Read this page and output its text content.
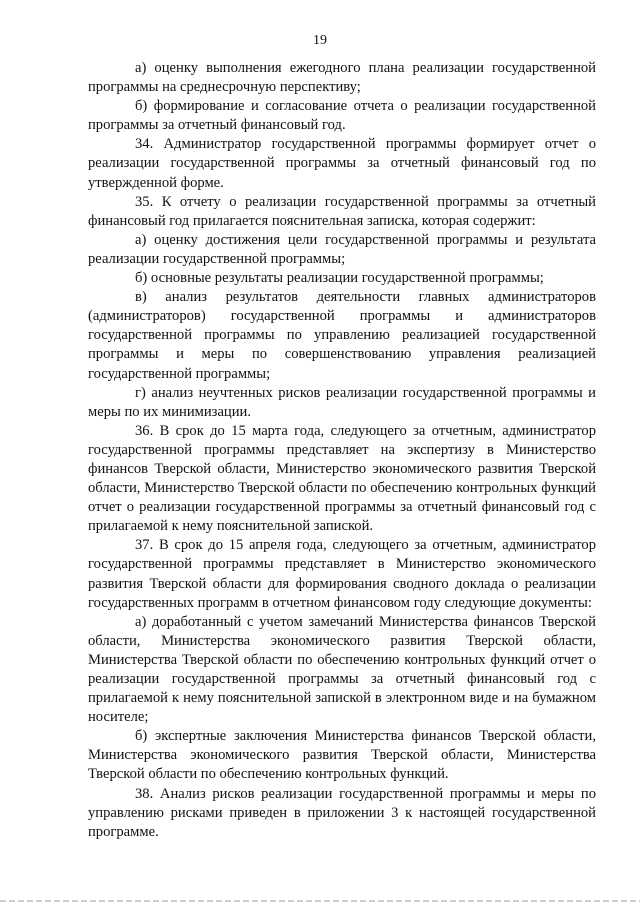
19

а) оценку выполнения ежегодного плана реализации государственной программы на среднесрочную перспективу;

б) формирование и согласование отчета о реализации государственной программы за отчетный финансовый год.

34. Администратор государственной программы формирует отчет о реализации государственной программы за отчетный финансовый год по утвержденной форме.

35. К отчету о реализации государственной программы за отчетный финансовый год прилагается пояснительная записка, которая содержит:

а) оценку достижения цели государственной программы и результата реализации государственной программы;

б) основные результаты реализации государственной программы;

в) анализ результатов деятельности главных администраторов (администраторов) государственной программы и администраторов государственной программы по управлению реализацией государственной программы и меры по совершенствованию управления реализацией государственной программы;

г) анализ неучтенных рисков реализации государственной программы и меры по их минимизации.

36. В срок до 15 марта года, следующего за отчетным, администратор государственной программы представляет на экспертизу в Министерство финансов Тверской области, Министерство экономического развития Тверской области, Министерство Тверской области по обеспечению контрольных функций отчет о реализации государственной программы за отчетный финансовый год с прилагаемой к нему пояснительной запиской.

37. В срок до 15 апреля года, следующего за отчетным, администратор государственной программы представляет в Министерство экономического развития Тверской области для формирования сводного доклада о реализации государственных программ в отчетном финансовом году следующие документы:

а) доработанный с учетом замечаний Министерства финансов Тверской области, Министерства экономического развития Тверской области, Министерства Тверской области по обеспечению контрольных функций отчет о реализации государственной программы за отчетный финансовый год с прилагаемой к нему пояснительной запиской в электронном виде и на бумажном носителе;

б) экспертные заключения Министерства финансов Тверской области, Министерства экономического развития Тверской области, Министерства Тверской области по обеспечению контрольных функций.

38. Анализ рисков реализации государственной программы и меры по управлению рисками приведен в приложении 3 к настоящей государственной программе.
